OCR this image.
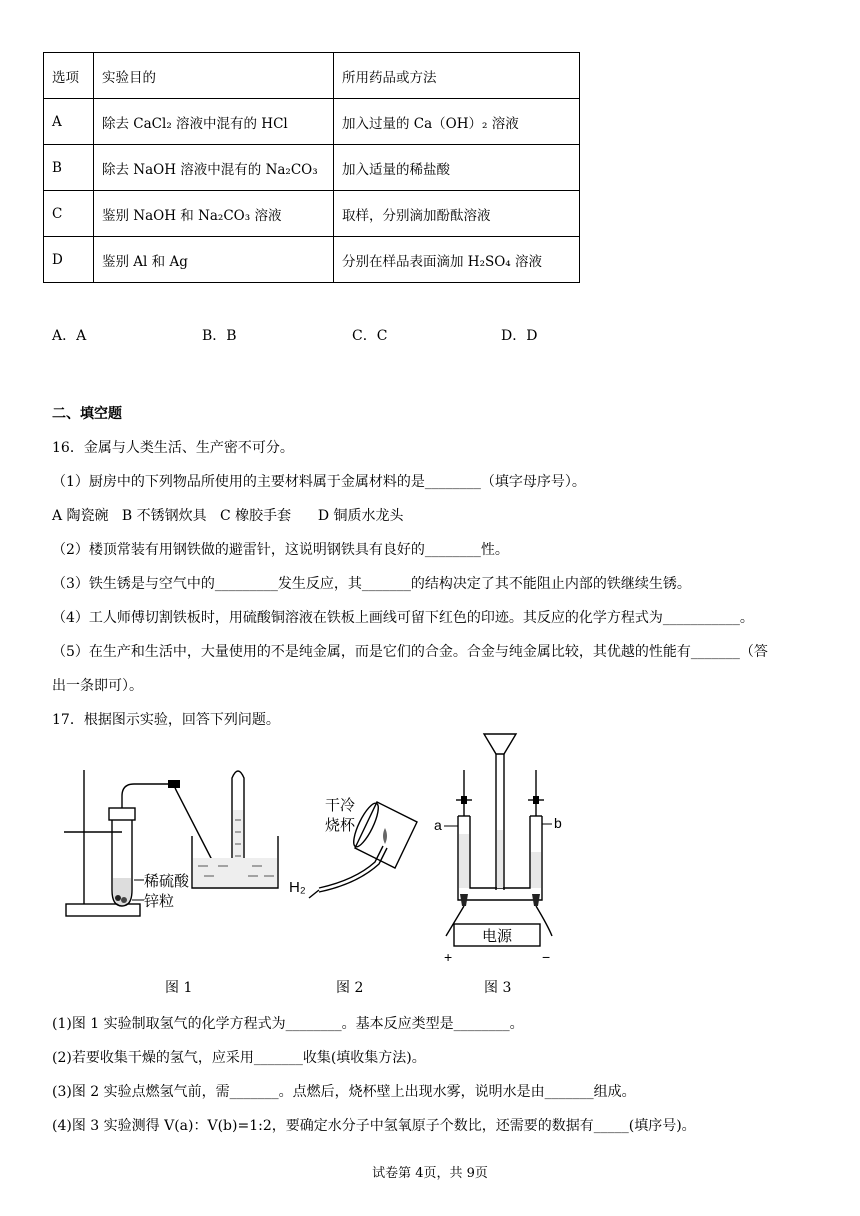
选项	实验目的	所用药品或方法
A	除去 CaCl₂ 溶液中混有的 HCl	加入过量的 Ca（OH）₂ 溶液
B	除去 NaOH 溶液中混有的 Na₂CO₃	加入适量的稀盐酸
C	鉴别 NaOH 和 Na₂CO₃ 溶液	取样，分别滴加酚酞溶液
D	鉴别 Al 和 Ag	分别在样品表面滴加 H₂SO₄ 溶液
A．A	B．B	C．C	D．D
二、填空题
16．金属与人类生活、生产密不可分。
（1）厨房中的下列物品所使用的主要材料属于金属材料的是________（填字母序号）。
A 陶瓷碗   B 不锈钢炊具   C 橡胶手套      D 铜质水龙头
（2）楼顶常装有用钢铁做的避雷针，这说明钢铁具有良好的________性。
（3）铁生锈是与空气中的_________发生反应，其_______的结构决定了其不能阻止内部的铁继续生锈。
（4）工人师傅切割铁板时，用硫酸铜溶液在铁板上画线可留下红色的印迹。其反应的化学方程式为___________。
（5）在生产和生活中，大量使用的不是纯金属，而是它们的合金。合金与纯金属比较，其优越的性能有_______（答
出一条即可）。
17．根据图示实验，回答下列问题。
稀硫酸
锌粒
图 1
干冷
烧杯
H₂
图 2
a	b
电源
+	−
图 3
(1)图 1 实验制取氢气的化学方程式为________。基本反应类型是________。
(2)若要收集干燥的氢气，应采用_______收集(填收集方法)。
(3)图 2 实验点燃氢气前，需_______。点燃后，烧杯壁上出现水雾，说明水是由_______组成。
(4)图 3 实验测得 V(a)：V(b)=1:2，要确定水分子中氢氧原子个数比，还需要的数据有_____(填序号)。
试卷第 4页，共 9页
